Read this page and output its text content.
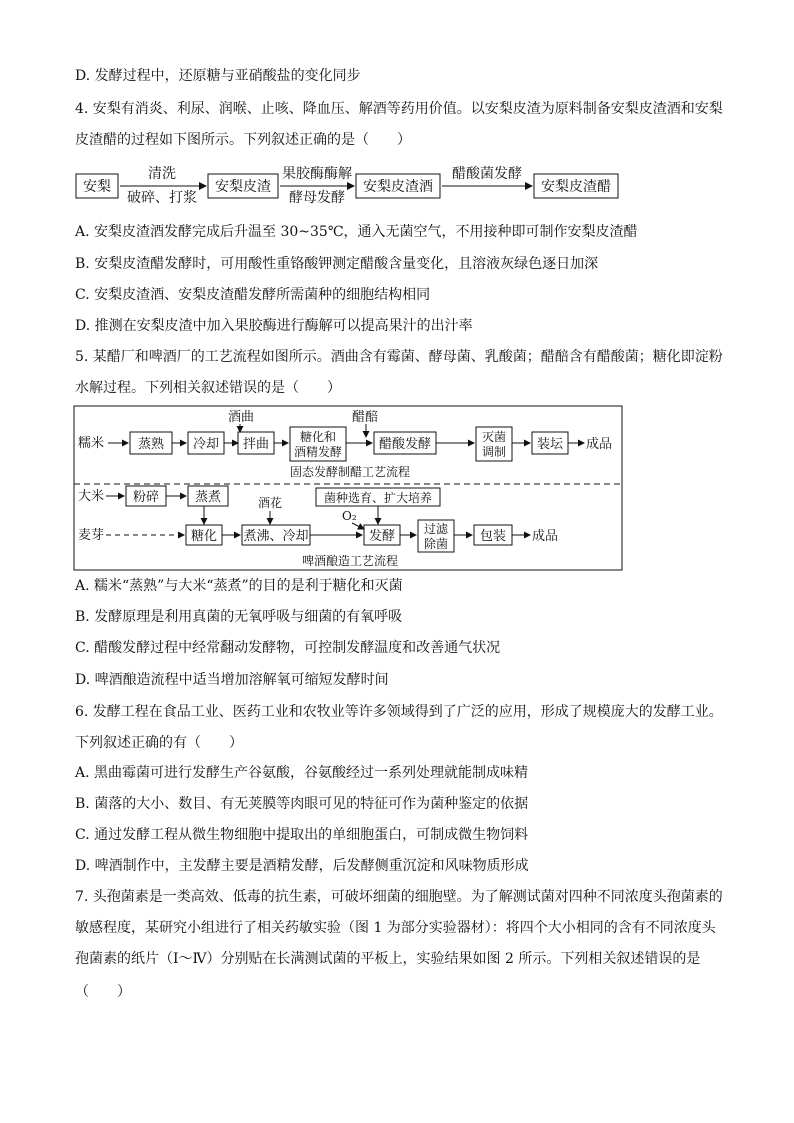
D. 发酵过程中，还原糖与亚硝酸盐的变化同步
4. 安梨有消炎、利尿、润喉、止咳、降血压、解酒等药用价值。以安梨皮渣为原料制备安梨皮渣酒和安梨
皮渣醋的过程如下图所示。下列叙述正确的是（　　）
安梨
清洗
破碎、打浆
安梨皮渣
果胶酶酶解
酵母发酵
安梨皮渣酒
醋酸菌发酵
安梨皮渣醋
A. 安梨皮渣酒发酵完成后升温至 30~35℃，通入无菌空气，不用接种即可制作安梨皮渣醋
B. 安梨皮渣醋发酵时，可用酸性重铬酸钾测定醋酸含量变化，且溶液灰绿色逐日加深
C. 安梨皮渣酒、安梨皮渣醋发酵所需菌种的细胞结构相同
D. 推测在安梨皮渣中加入果胶酶进行酶解可以提高果汁的出汁率
5. 某醋厂和啤酒厂的工艺流程如图所示。酒曲含有霉菌、酵母菌、乳酸菌；醋醅含有醋酸菌；糖化即淀粉
水解过程。下列相关叙述错误的是（　　）
糯米	蒸熟 冷却
酒曲
拌曲	糖化和
酒精发酵
醋醅
醋酸发酵	灭菌
调制 装坛 成品
固态发酵制醋工艺流程
大米 粉碎	蒸煮
麦芽	糖化
酒花
煮沸、冷却
菌种选育、扩大培养
O₂
发酵 过滤
除菌 包装 成品
啤酒酿造工艺流程
A. 糯米“蒸熟”与大米“蒸煮”的目的是利于糖化和灭菌
B. 发酵原理是利用真菌的无氧呼吸与细菌的有氧呼吸
C. 醋酸发酵过程中经常翻动发酵物，可控制发酵温度和改善通气状况
D. 啤酒酿造流程中适当增加溶解氧可缩短发酵时间
6. 发酵工程在食品工业、医药工业和农牧业等许多领域得到了广泛的应用，形成了规模庞大的发酵工业。
下列叙述正确的有（　　）
A. 黑曲霉菌可进行发酵生产谷氨酸，谷氨酸经过一系列处理就能制成味精
B. 菌落的大小、数目、有无荚膜等肉眼可见的特征可作为菌种鉴定的依据
C. 通过发酵工程从微生物细胞中提取出的单细胞蛋白，可制成微生物饲料
D. 啤酒制作中，主发酵主要是酒精发酵，后发酵侧重沉淀和风味物质形成
7. 头孢菌素是一类高效、低毒的抗生素，可破坏细菌的细胞壁。为了解测试菌对四种不同浓度头孢菌素的
敏感程度，某研究小组进行了相关药敏实验（图 1 为部分实验器材）：将四个大小相同的含有不同浓度头
孢菌素的纸片（Ⅰ～Ⅳ）分别贴在长满测试菌的平板上，实验结果如图 2 所示。下列相关叙述错误的是
（　　）
